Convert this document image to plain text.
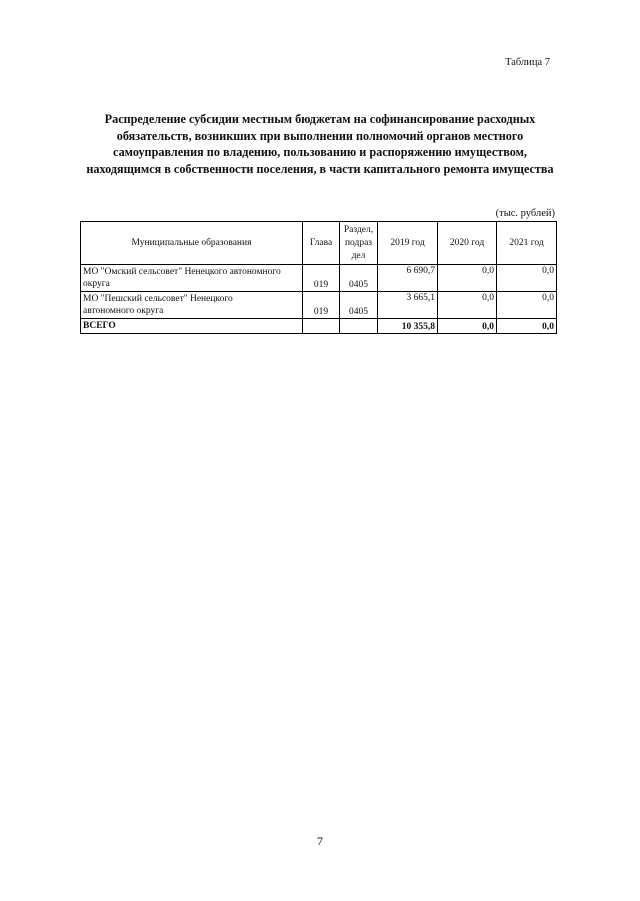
Таблица 7
Распределение субсидии местным бюджетам на софинансирование расходных
обязательств, возникших при выполнении полномочий органов местного
самоуправления по владению, пользованию и распоряжению имуществом,
находящимся в собственности поселения, в части капитального ремонта имущества
(тыс. рублей)
Муниципальные образования	Глава	Раздел,
подраз
дел	2019 год	2020 год	2021 год

МО "Омский сельсовет" Ненецкого автономного
округа	019	0405	6 690,7	0,0	0,0

МО "Пешский сельсовет" Ненецкого
автономного округа	019	0405	3 665,1	0,0	0,0
ВСЕГО			10 355,8	0,0	0,0
7
